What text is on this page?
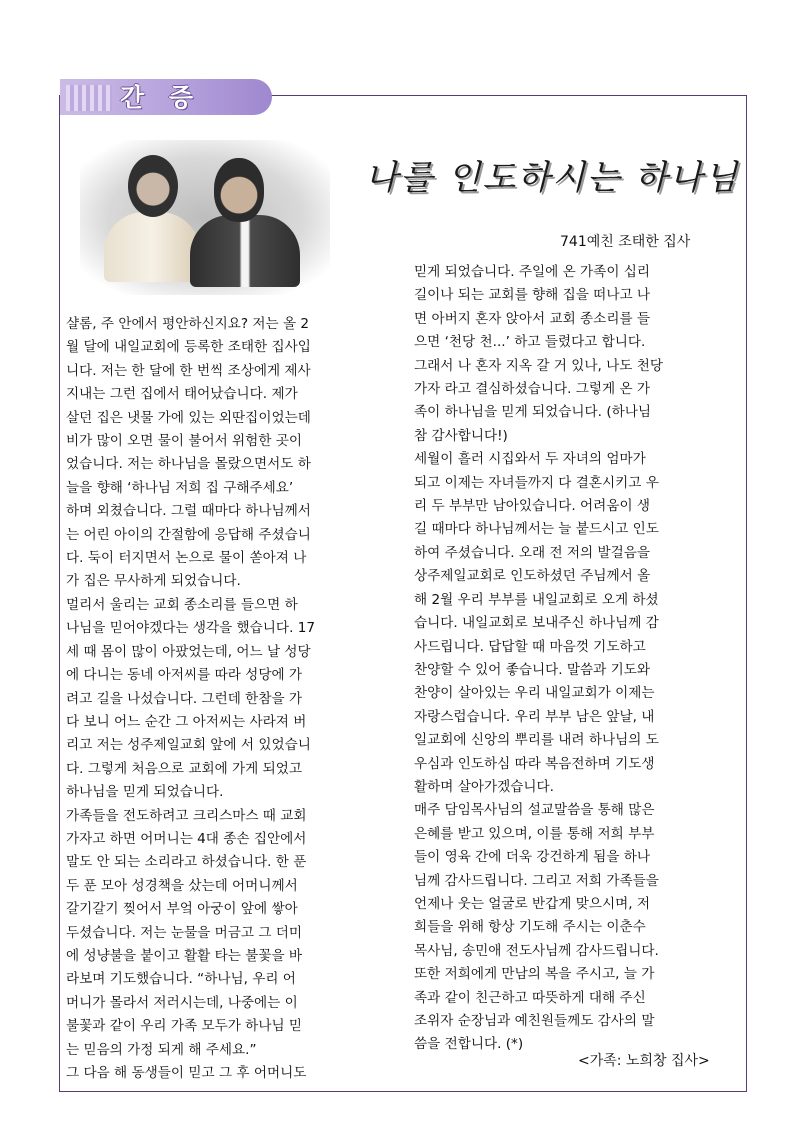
간 증
나를 인도하시는 하나님
741예친 조태한 집사
샬롬, 주 안에서 평안하신지요? 저는 올 2
월 달에 내일교회에 등록한 조태한 집사입
니다. 저는 한 달에 한 번씩 조상에게 제사
지내는 그런 집에서 태어났습니다. 제가
살던 집은 냇물 가에 있는 외딴집이었는데
비가 많이 오면 물이 불어서 위험한 곳이
었습니다. 저는 하나님을 몰랐으면서도 하
늘을 향해 ‘하나님 저희 집 구해주세요’
하며 외쳤습니다. 그럴 때마다 하나님께서
는 어린 아이의 간절함에 응답해 주셨습니
다. 둑이 터지면서 논으로 물이 쏟아져 나
가 집은 무사하게 되었습니다.
멀리서 울리는 교회 종소리를 들으면 하
나님을 믿어야겠다는 생각을 했습니다. 17
세 때 몸이 많이 아팠었는데, 어느 날 성당
에 다니는 동네 아저씨를 따라 성당에 가
려고 길을 나섰습니다. 그런데 한참을 가
다 보니 어느 순간 그 아저씨는 사라져 버
리고 저는 성주제일교회 앞에 서 있었습니
다. 그렇게 처음으로 교회에 가게 되었고
하나님을 믿게 되었습니다.
가족들을 전도하려고 크리스마스 때 교회
가자고 하면 어머니는 4대 종손 집안에서
말도 안 되는 소리라고 하셨습니다. 한 푼
두 푼 모아 성경책을 샀는데 어머니께서
갈기갈기 찢어서 부엌 아궁이 앞에 쌓아
두셨습니다. 저는 눈물을 머금고 그 더미
에 성냥불을 붙이고 활활 타는 불꽃을 바
라보며 기도했습니다. “하나님, 우리 어
머니가 몰라서 저러시는데, 나중에는 이
불꽃과 같이 우리 가족 모두가 하나님 믿
는 믿음의 가정 되게 해 주세요.”
그 다음 해 동생들이 믿고 그 후 어머니도
믿게 되었습니다. 주일에 온 가족이 십리
길이나 되는 교회를 향해 집을 떠나고 나
면 아버지 혼자 앉아서 교회 종소리를 들
으면 ‘천당 천...’ 하고 들렸다고 합니다.
그래서 나 혼자 지옥 갈 거 있나, 나도 천당
가자 라고 결심하셨습니다. 그렇게 온 가
족이 하나님을 믿게 되었습니다. (하나님
참 감사합니다!)
세월이 흘러 시집와서 두 자녀의 엄마가
되고 이제는 자녀들까지 다 결혼시키고 우
리 두 부부만 남아있습니다. 어려움이 생
길 때마다 하나님께서는 늘 붙드시고 인도
하여 주셨습니다. 오래 전 저의 발걸음을
상주제일교회로 인도하셨던 주님께서 올
해 2월 우리 부부를 내일교회로 오게 하셨
습니다. 내일교회로 보내주신 하나님께 감
사드립니다. 답답할 때 마음껏 기도하고
찬양할 수 있어 좋습니다. 말씀과 기도와
찬양이 살아있는 우리 내일교회가 이제는
자랑스럽습니다. 우리 부부 남은 앞날, 내
일교회에 신앙의 뿌리를 내려 하나님의 도
우심과 인도하심 따라 복음전하며 기도생
활하며 살아가겠습니다.
매주 담임목사님의 설교말씀을 통해 많은
은혜를 받고 있으며, 이를 통해 저희 부부
들이 영육 간에 더욱 강건하게 됨을 하나
님께 감사드립니다. 그리고 저희 가족들을
언제나 웃는 얼굴로 반갑게 맞으시며, 저
희들을 위해 항상 기도해 주시는 이춘수
목사님, 송민애 전도사님께 감사드립니다.
또한 저희에게 만남의 복을 주시고, 늘 가
족과 같이 친근하고 따뜻하게 대해 주신
조위자 순장님과 예친원들께도 감사의 말
씀을 전합니다. (*)
<가족: 노희창 집사>
